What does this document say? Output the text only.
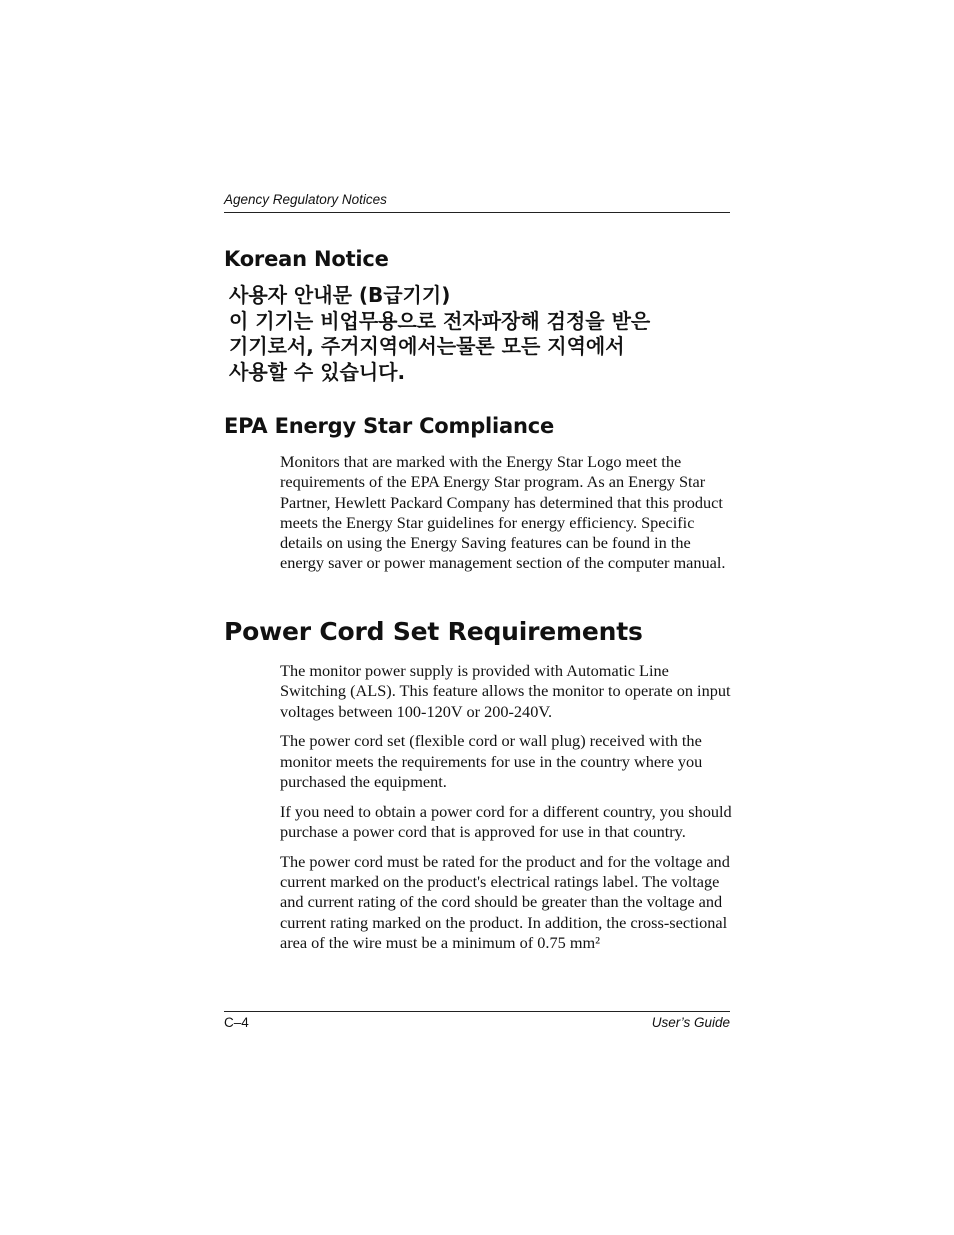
Agency Regulatory Notices
Korean Notice
사용자 안내문 (B급기기)
이 기기는 비업무용으로 전자파장해 검정을 받은
기기로서, 주거지역에서는물론 모든 지역에서
사용할 수 있습니다.
EPA Energy Star Compliance

Monitors that are marked with the Energy Star Logo meet the requirements of the EPA Energy Star program. As an Energy Star Partner, Hewlett Packard Company has determined that this product meets the Energy Star guidelines for energy efficiency. Specific details on using the Energy Saving features can be found in the energy saver or power management section of the computer manual.

Power Cord Set Requirements

The monitor power supply is provided with Automatic Line Switching (ALS). This feature allows the monitor to operate on input voltages between 100-120V or 200-240V.

The power cord set (flexible cord or wall plug) received with the monitor meets the requirements for use in the country where you purchased the equipment.

If you need to obtain a power cord for a different country, you should purchase a power cord that is approved for use in that country.

The power cord must be rated for the product and for the voltage and current marked on the product's electrical ratings label. The voltage and current rating of the cord should be greater than the voltage and current rating marked on the product. In addition, the cross-sectional area of the wire must be a minimum of 0.75 mm²

C–4	User’s Guide
